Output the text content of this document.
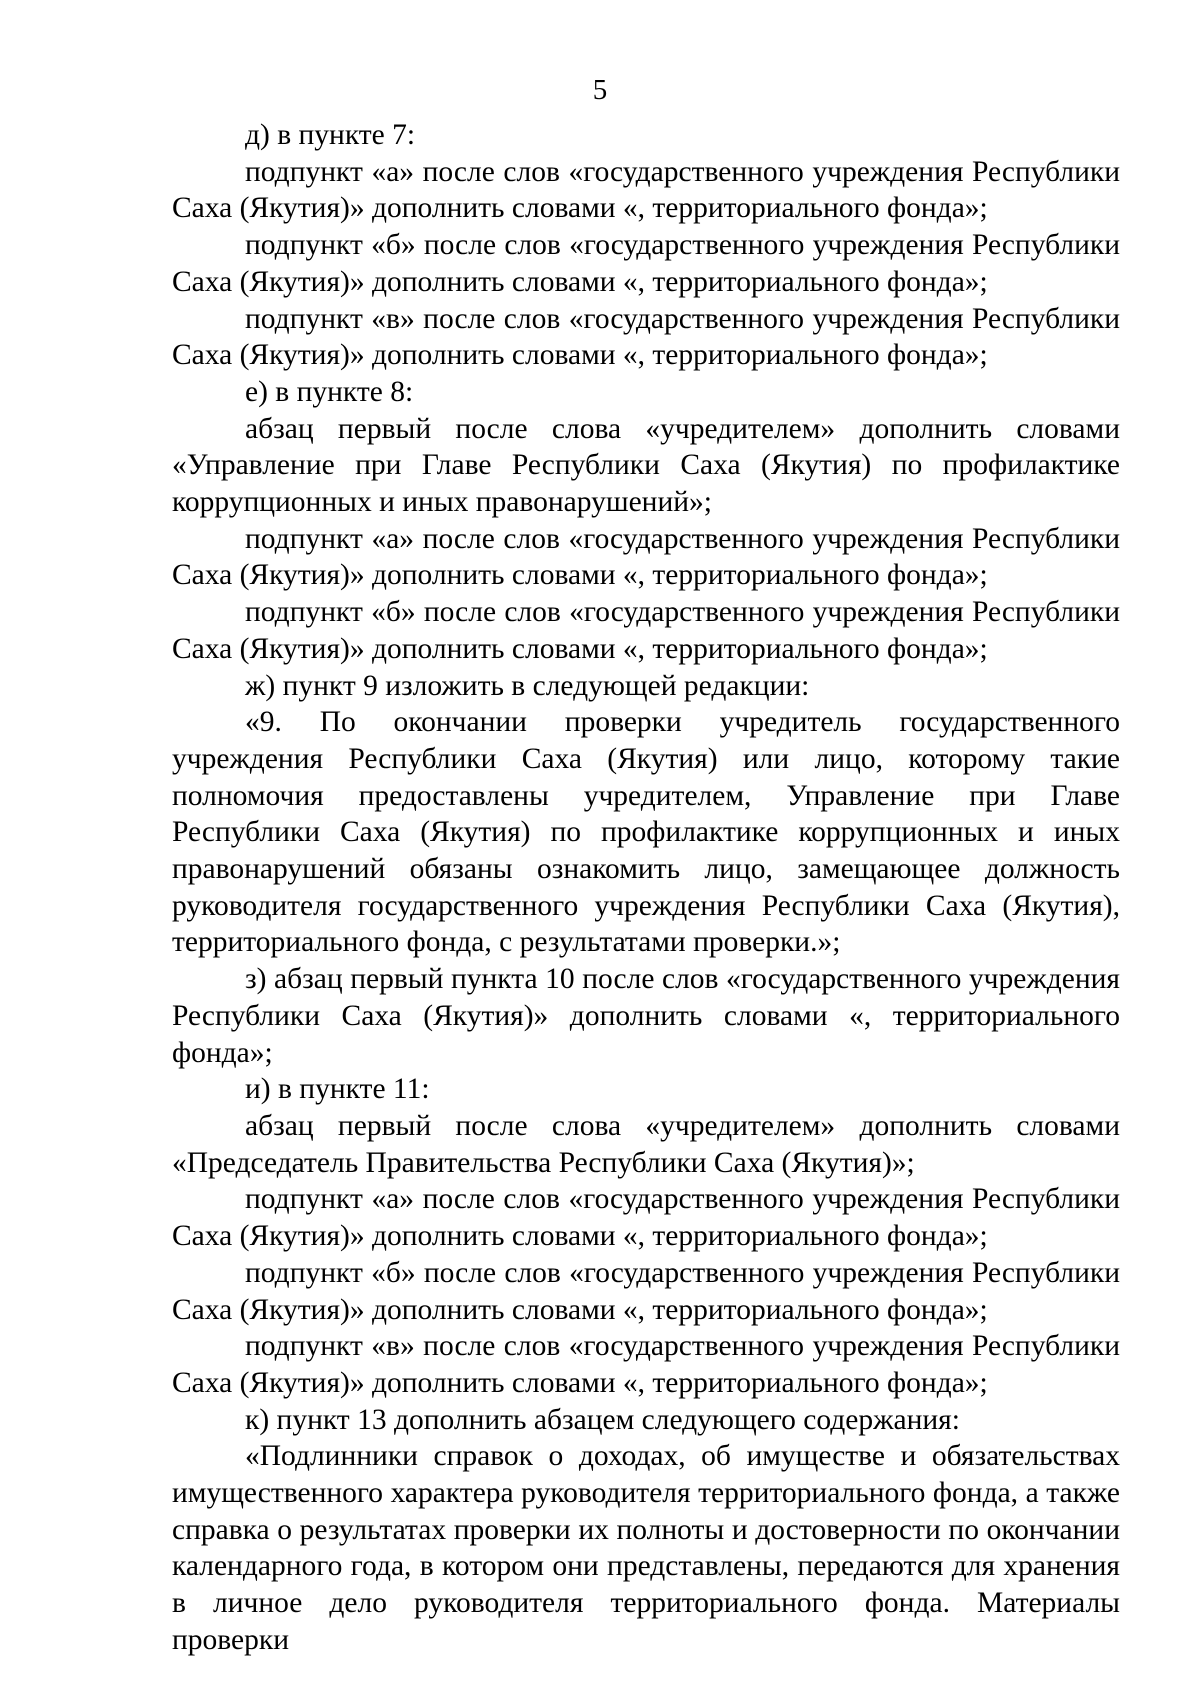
5

д) в пункте 7:

подпункт «а» после слов «государственного учреждения Республики Саха (Якутия)» дополнить словами «, территориального фонда»;

подпункт «б» после слов «государственного учреждения Республики Саха (Якутия)» дополнить словами «, территориального фонда»;

подпункт «в» после слов «государственного учреждения Республики Саха (Якутия)» дополнить словами «, территориального фонда»;

е) в пункте 8:

абзац первый после слова «учредителем» дополнить словами «Управление при Главе Республики Саха (Якутия) по профилактике коррупционных и иных правонарушений»;

подпункт «а» после слов «государственного учреждения Республики Саха (Якутия)» дополнить словами «, территориального фонда»;

подпункт «б» после слов «государственного учреждения Республики Саха (Якутия)» дополнить словами «, территориального фонда»;

ж) пункт 9 изложить в следующей редакции:

«9. По окончании проверки учредитель государственного учреждения Республики Саха (Якутия) или лицо, которому такие полномочия предоставлены учредителем, Управление при Главе Республики Саха (Якутия) по профилактике коррупционных и иных правонарушений обязаны ознакомить лицо, замещающее должность руководителя государственного учреждения Республики Саха (Якутия), территориального фонда, с результатами проверки.»;

з) абзац первый пункта 10 после слов «государственного учреждения Республики Саха (Якутия)» дополнить словами «, территориального фонда»;

и) в пункте 11:

абзац первый после слова «учредителем» дополнить словами «Председатель Правительства Республики Саха (Якутия)»;

подпункт «а» после слов «государственного учреждения Республики Саха (Якутия)» дополнить словами «, территориального фонда»;

подпункт «б» после слов «государственного учреждения Республики Саха (Якутия)» дополнить словами «, территориального фонда»;

подпункт «в» после слов «государственного учреждения Республики Саха (Якутия)» дополнить словами «, территориального фонда»;

к) пункт 13 дополнить абзацем следующего содержания:

«Подлинники справок о доходах, об имуществе и обязательствах имущественного характера руководителя территориального фонда, а также справка о результатах проверки их полноты и достоверности по окончании календарного года, в котором они представлены, передаются для хранения в личное дело руководителя территориального фонда. Материалы проверки
